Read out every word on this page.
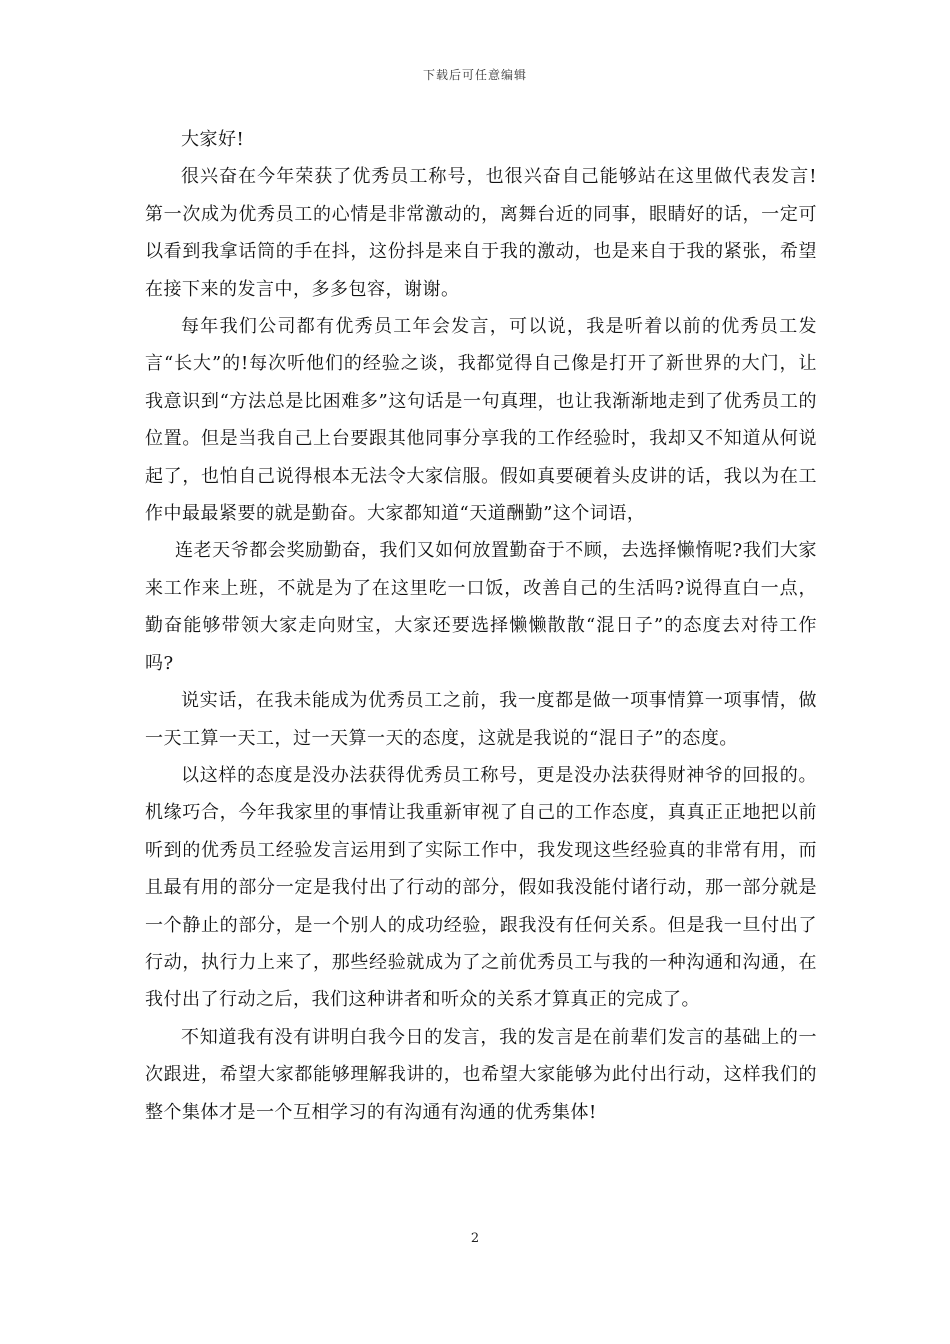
下载后可任意编辑

大家好!

很兴奋在今年荣获了优秀员工称号，也很兴奋自己能够站在这里做代表发言!第一次成为优秀员工的心情是非常激动的，离舞台近的同事，眼睛好的话，一定可以看到我拿话筒的手在抖，这份抖是来自于我的激动，也是来自于我的紧张，希望在接下来的发言中，多多包容，谢谢。

每年我们公司都有优秀员工年会发言，可以说，我是听着以前的优秀员工发言“长大”的!每次听他们的经验之谈，我都觉得自己像是打开了新世界的大门，让我意识到“方法总是比困难多”这句话是一句真理，也让我渐渐地走到了优秀员工的位置。但是当我自己上台要跟其他同事分享我的工作经验时，我却又不知道从何说起了，也怕自己说得根本无法令大家信服。假如真要硬着头皮讲的话，我以为在工作中最最紧要的就是勤奋。大家都知道“天道酬勤”这个词语，

连老天爷都会奖励勤奋，我们又如何放置勤奋于不顾，去选择懒惰呢?我们大家来工作来上班，不就是为了在这里吃一口饭，改善自己的生活吗?说得直白一点，勤奋能够带领大家走向财宝，大家还要选择懒懒散散“混日子”的态度去对待工作吗?

说实话，在我未能成为优秀员工之前，我一度都是做一项事情算一项事情，做一天工算一天工，过一天算一天的态度，这就是我说的“混日子”的态度。

以这样的态度是没办法获得优秀员工称号，更是没办法获得财神爷的回报的。机缘巧合，今年我家里的事情让我重新审视了自己的工作态度，真真正正地把以前听到的优秀员工经验发言运用到了实际工作中，我发现这些经验真的非常有用，而且最有用的部分一定是我付出了行动的部分，假如我没能付诸行动，那一部分就是一个静止的部分，是一个别人的成功经验，跟我没有任何关系。但是我一旦付出了行动，执行力上来了，那些经验就成为了之前优秀员工与我的一种沟通和沟通，在我付出了行动之后，我们这种讲者和听众的关系才算真正的完成了。

不知道我有没有讲明白我今日的发言，我的发言是在前辈们发言的基础上的一次跟进，希望大家都能够理解我讲的，也希望大家能够为此付出行动，这样我们的整个集体才是一个互相学习的有沟通有沟通的优秀集体!

2
